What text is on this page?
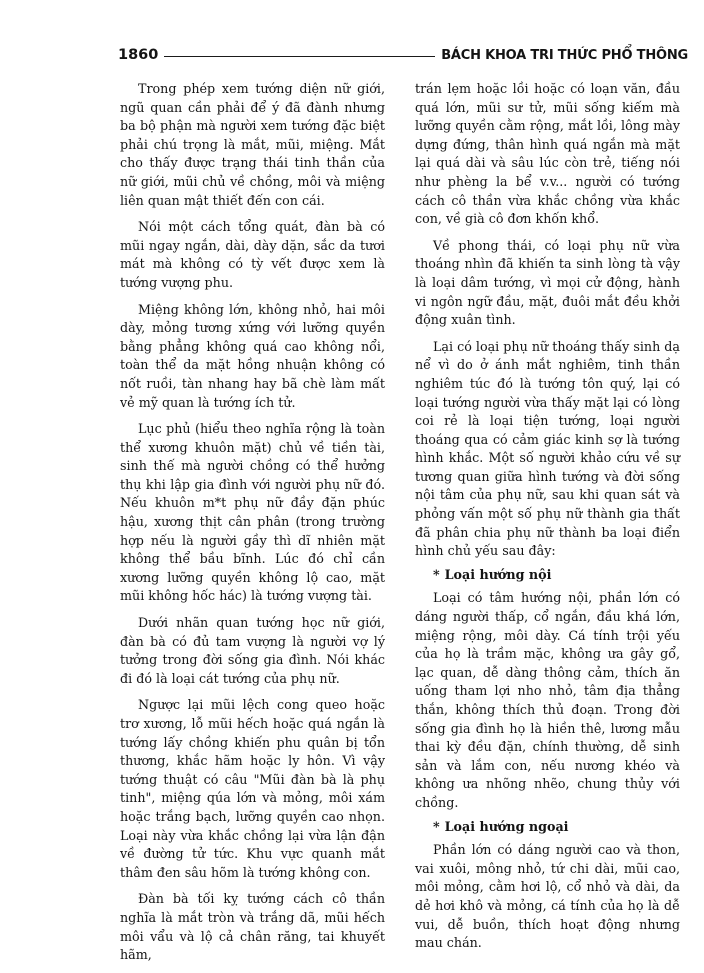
1860	BÁCH KHOA TRI THỨC PHỔ THÔNG

Trong phép xem tướng diện nữ giới, ngũ quan cần phải để ý đã đành nhưng ba bộ phận mà người xem tướng đặc biệt phải chú trọng là mắt, mũi, miệng. Mắt cho thấy được trạng thái tinh thần của nữ giới, mũi chủ về chồng, môi và miệng liên quan mật thiết đến con cái.

Nói một cách tổng quát, đàn bà có mũi ngay ngắn, dài, dày dặn, sắc da tươi mát mà không có tỳ vết được xem là tướng vượng phu.

Miệng không lớn, không nhỏ, hai môi dày, mỏng tương xứng với lưỡng quyền bằng phẳng không quá cao không nổi, toàn thể da mặt hồng nhuận không có nốt ruồi, tàn nhang hay bã chè làm mất vẻ mỹ quan là tướng ích tử.

Lục phủ (hiểu theo nghĩa rộng là toàn thể xương khuôn mặt) chủ về tiền tài, sinh thế mà người chồng có thể hưởng thụ khi lập gia đình với người phụ nữ đó. Nếu khuôn m*t phụ nữ đầy đặn phúc hậu, xương thịt cân phân (trong trường hợp nếu là người gầy thì dĩ nhiên mặt không thể bầu bĩnh. Lúc đó chỉ cần xương lưỡng quyền không lộ cao, mặt mũi không hốc hác) là tướng vượng tài.

Dưới nhãn quan tướng học nữ giới, đàn bà có đủ tam vượng là người vợ lý tưởng trong đời sống gia đình. Nói khác đi đó là loại cát tướng của phụ nữ.

Ngược lại mũi lệch cong queo hoặc trơ xương, lỗ mũi hếch hoặc quá ngắn là tướng lấy chồng khiến phu quân bị tổn thương, khắc hãm hoặc ly hôn. Vì vậy tướng thuật có câu "Mũi đàn bà là phụ tinh", miệng qúa lớn và mỏng, môi xám hoặc trắng bạch, lưỡng quyền cao nhọn. Loại này vừa khắc chồng lại vừa lận đận về đường tử tức. Khu vực quanh mắt thâm đen sâu hõm là tướng không con.

Đàn bà tối kỵ tướng cách cô thần nghĩa là mắt tròn và trắng dã, mũi hếch môi vẩu và lộ cả chân răng, tai khuyết hãm,

trán lẹm hoặc lồi hoặc có loạn văn, đầu quá lớn, mũi sư tử, mũi sống kiếm mà lưỡng quyền cằm rộng, mắt lồi, lông mày dựng đứng, thân hình quá ngắn mà mặt lại quá dài và sâu lúc còn trẻ, tiếng nói như phèng la bể v.v... người có tướng cách cô thần vừa khắc chồng vừa khắc con, về già cô đơn khốn khổ.

Về phong thái, có loại phụ nữ vừa thoáng nhìn đã khiến ta sinh lòng tà vậy là loại dâm tướng, vì mọi cử động, hành vi ngôn ngữ đầu, mặt, đuôi mắt đều khởi động xuân tình.

Lại có loại phụ nữ thoáng thấy sinh dạ nể vì do ở ánh mắt nghiêm, tinh thần nghiêm túc đó là tướng tôn quý, lại có loại tướng người vừa thấy mặt lại có lòng coi rẻ là loại tiện tướng, loại người thoáng qua có cảm giác kinh sợ là tướng hình khắc. Một số người khảo cứu về sự tương quan giữa hình tướng và đời sống nội tâm của phụ nữ, sau khi quan sát và phỏng vấn một số phụ nữ thành gia thất đã phân chia phụ nữ thành ba loại điển hình chủ yếu sau đây:

* Loại hướng nội

Loại có tâm hướng nội, phần lớn có dáng người thấp, cổ ngắn, đầu khá lớn, miệng rộng, môi dày. Cá tính trội yếu của họ là trầm mặc, không ưa gây gổ, lạc quan, dễ dàng thông cảm, thích ăn uống tham lợi nho nhỏ, tâm địa thẳng thắn, không thích thủ đoạn. Trong đời sống gia đình họ là hiền thê, lương mẫu thai kỳ đều đặn, chính thường, dễ sinh sản và lắm con, nếu nương khéo và không ưa nhõng nhẽo, chung thủy với chồng.

* Loại hướng ngoại

Phần lớn có dáng người cao và thon, vai xuôi, mông nhỏ, tứ chi dài, mũi cao, môi mỏng, cằm hơi lộ, cổ nhỏ và dài, da dẻ hơi khô và mỏng, cá tính của họ là dễ vui, dễ buồn, thích hoạt động nhưng mau chán.
